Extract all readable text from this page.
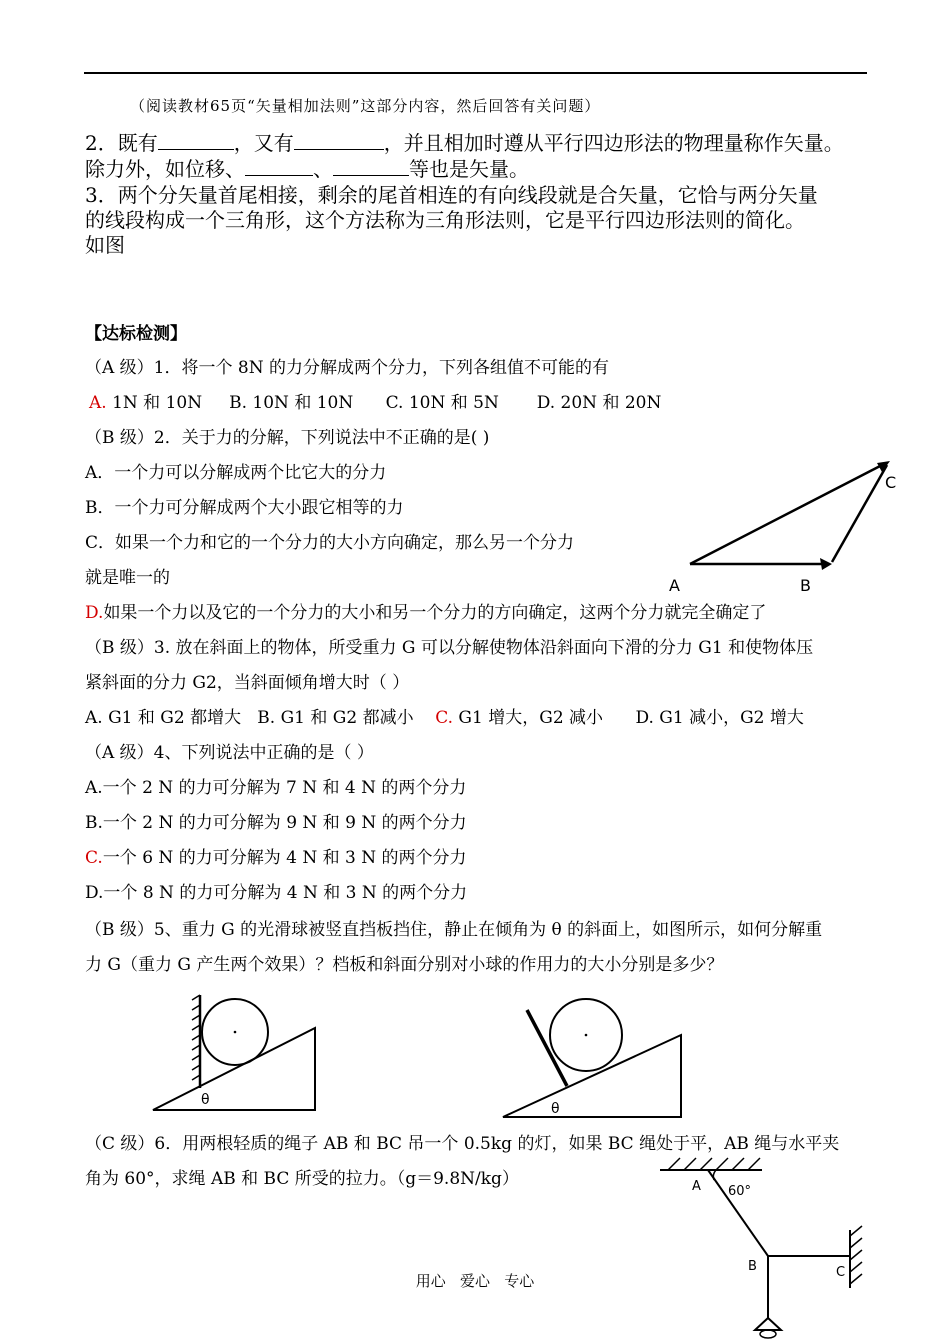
（阅读教材65页“矢量相加法则”这部分内容，然后回答有关问题）
2．既有	，又有	，并且相加时遵从平行四边形法的物理量称作矢量。
除力外，如位移、	、	等也是矢量。
3．两个分矢量首尾相接，剩余的尾首相连的有向线段就是合矢量，它恰与两分矢量
的线段构成一个三角形，这个方法称为三角形法则，它是平行四边形法则的简化。
如图
【达标检测】
（A 级）1．将一个 8N 的力分解成两个分力，下列各组值不可能的有
A. 1N 和 10N     B. 10N 和 10N      C. 10N 和 5N       D. 20N 和 20N
（B 级）2．关于力的分解，下列说法中不正确的是( )
A．一个力可以分解成两个比它大的分力
B．一个力可分解成两个大小跟它相等的力
C．如果一个力和它的一个分力的大小方向确定，那么另一个分力
就是唯一的
D.如果一个力以及它的一个分力的大小和另一个分力的方向确定，这两个分力就完全确定了
（B 级）3. 放在斜面上的物体，所受重力 G 可以分解使物体沿斜面向下滑的分力 G1 和使物体压
紧斜面的分力 G2，当斜面倾角增大时（ ）
A. G1 和 G2 都增大   B. G1 和 G2 都减小    C. G1 增大，G2 减小      D. G1 减小，G2 增大
（A 级）4、下列说法中正确的是（ ）
A.一个 2 N 的力可分解为 7 N 和 4 N 的两个分力
B.一个 2 N 的力可分解为 9 N 和 9 N 的两个分力
C.一个 6 N 的力可分解为 4 N 和 3 N 的两个分力
D.一个 8 N 的力可分解为 4 N 和 3 N 的两个分力
（B 级）5、重力 G 的光滑球被竖直挡板挡住，静止在倾角为 θ 的斜面上，如图所示，如何分解重
力 G（重力 G 产生两个效果）？档板和斜面分别对小球的作用力的大小分别是多少？
（C 级）6．用两根轻质的绳子 AB 和 BC 吊一个 0.5kg 的灯，如果 BC 绳处于平，AB 绳与水平夹
角为 60°，求绳 AB 和 BC 所受的拉力。（g＝9.8N/kg）
A	B
C
θ
θ
A 60°
B	C
用心   爱心   专心
